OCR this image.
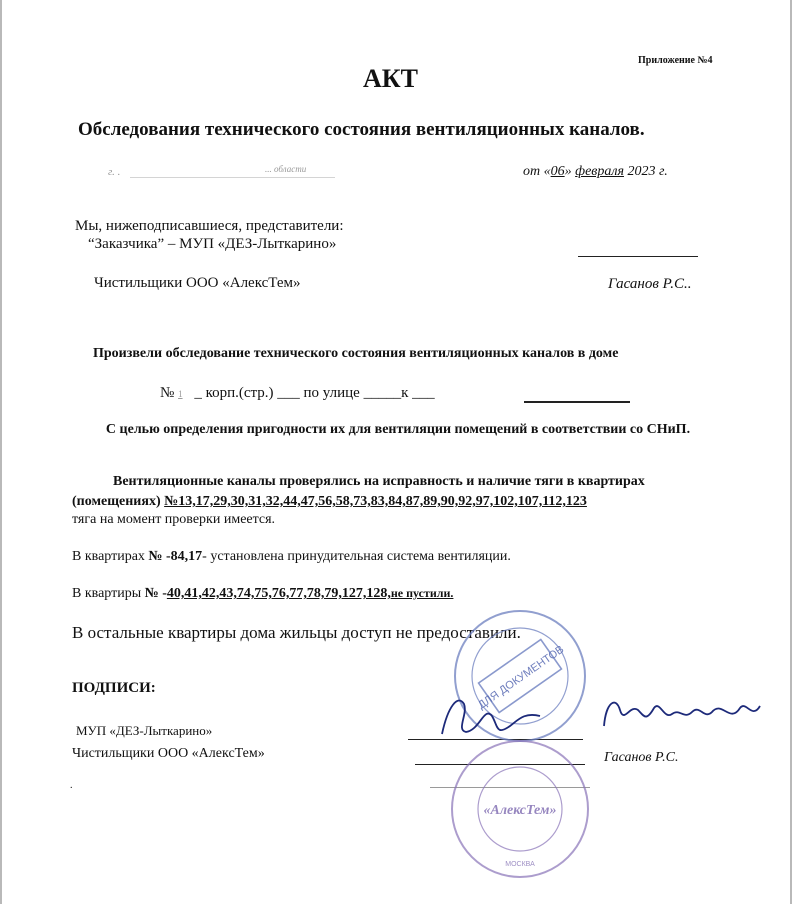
Приложение №4
АКТ
Обследования технического состояния вентиляционных каналов.
г. .	... области	от «06» февраля 2023 г.
Мы, нижеподписавшиеся, представители:
“Заказчика” – МУП «ДЕЗ-Лыткарино»
Чистильщики ООО «АлексТем»	Гасанов Р.С..
Произвели обследование технического состояния вентиляционных каналов в доме
№ 1 _ корп.(стр.) ___ по улице _____к ___
С целью определения пригодности их для вентиляции помещений в соответствии со СНиП.
Вентиляционные каналы проверялись на исправность и наличие тяги в квартирах
(помещениях) №13,17,29,30,31,32,44,47,56,58,73,83,84,87,89,90,92,97,102,107,112,123
тяга на момент проверки имеется.
В квартирах № -84,17- установлена принудительная система вентиляции.
В квартиры № -40,41,42,43,74,75,76,77,78,79,127,128,не пустили.
В остальные квартиры дома жильцы доступ не предоставили.
ПОДПИСИ:
МУП «ДЕЗ-Лыткарино»
Чистильщики ООО «АлексТем»	Гасанов Р.С.
.
ДЛЯ ДОКУМЕНТОВ
«АлексТем»
МОСКВА
